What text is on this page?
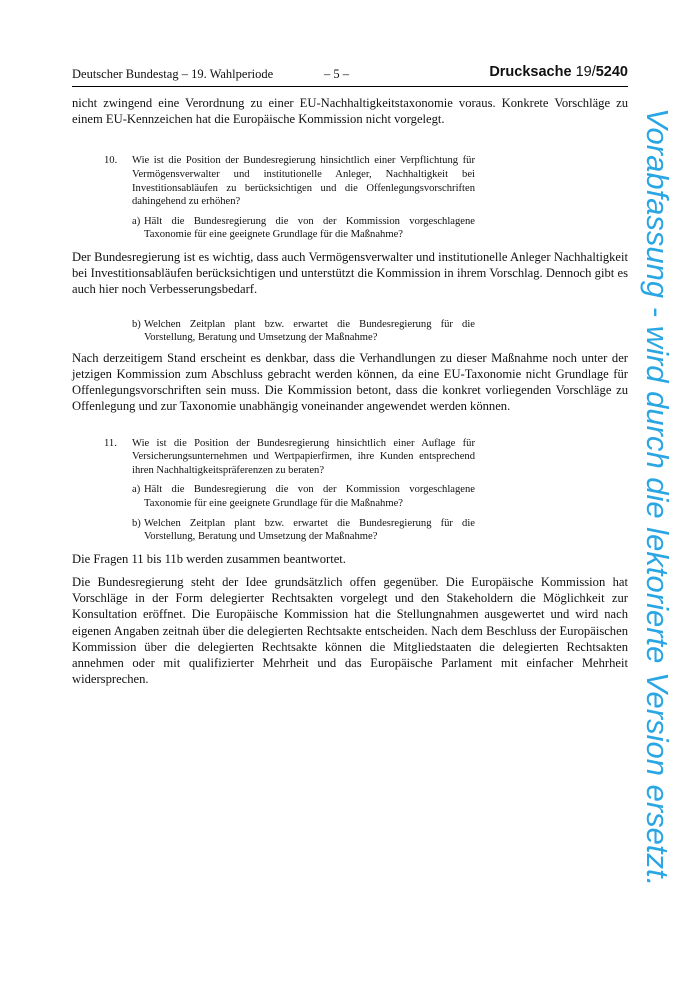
Deutscher Bundestag – 19. Wahlperiode	– 5 –	Drucksache 19/5240

nicht zwingend eine Verordnung zu einer EU-Nachhaltigkeitstaxonomie voraus. Konkrete Vorschläge zu einem EU-Kennzeichen hat die Europäische Kommission nicht vorgelegt.

10.	Wie ist die Position der Bundesregierung hinsichtlich einer Verpflichtung für Vermögensverwalter und institutionelle Anleger, Nachhaltigkeit bei Investitionsabläufen zu berücksichtigen und die Offenlegungsvorschriften dahingehend zu erhöhen?
a) Hält die Bundesregierung die von der Kommission vorgeschlagene Taxonomie für eine geeignete Grundlage für die Maßnahme?

Der Bundesregierung ist es wichtig, dass auch Vermögensverwalter und institutionelle Anleger Nachhaltigkeit bei Investitionsabläufen berücksichtigen und unterstützt die Kommission in ihrem Vorschlag. Dennoch gibt es auch hier noch Verbesserungsbedarf.

b) Welchen Zeitplan plant bzw. erwartet die Bundesregierung für die Vorstellung, Beratung und Umsetzung der Maßnahme?

Nach derzeitigem Stand erscheint es denkbar, dass die Verhandlungen zu dieser Maßnahme noch unter der jetzigen Kommission zum Abschluss gebracht werden können, da eine EU-Taxonomie nicht Grundlage für Offenlegungsvorschriften sein muss. Die Kommission betont, dass die konkret vorliegenden Vorschläge zu Offenlegung und zur Taxonomie unabhängig voneinander angewendet werden können.

11.	Wie ist die Position der Bundesregierung hinsichtlich einer Auflage für Versicherungsunternehmen und Wertpapierfirmen, ihre Kunden entsprechend ihren Nachhaltigkeitspräferenzen zu beraten?
a) Hält die Bundesregierung die von der Kommission vorgeschlagene Taxonomie für eine geeignete Grundlage für die Maßnahme?
b) Welchen Zeitplan plant bzw. erwartet die Bundesregierung für die Vorstellung, Beratung und Umsetzung der Maßnahme?

Die Fragen 11 bis 11b werden zusammen beantwortet.

Die Bundesregierung steht der Idee grundsätzlich offen gegenüber. Die Europäische Kommission hat Vorschläge in der Form delegierter Rechtsakten vorgelegt und den Stakeholdern die Möglichkeit zur Konsultation eröffnet. Die Europäische Kommission hat die Stellungnahmen ausgewertet und wird nach eigenen Angaben zeitnah über die delegierten Rechtsakte entscheiden. Nach dem Beschluss der Europäischen Kommission über die delegierten Rechtsakte können die Mitgliedstaaten die delegierten Rechtsakten annehmen oder mit qualifizierter Mehrheit und das Europäische Parlament mit einfacher Mehrheit widersprechen.	Vorabfassung - wird durch die lektorierte Version ersetzt.
